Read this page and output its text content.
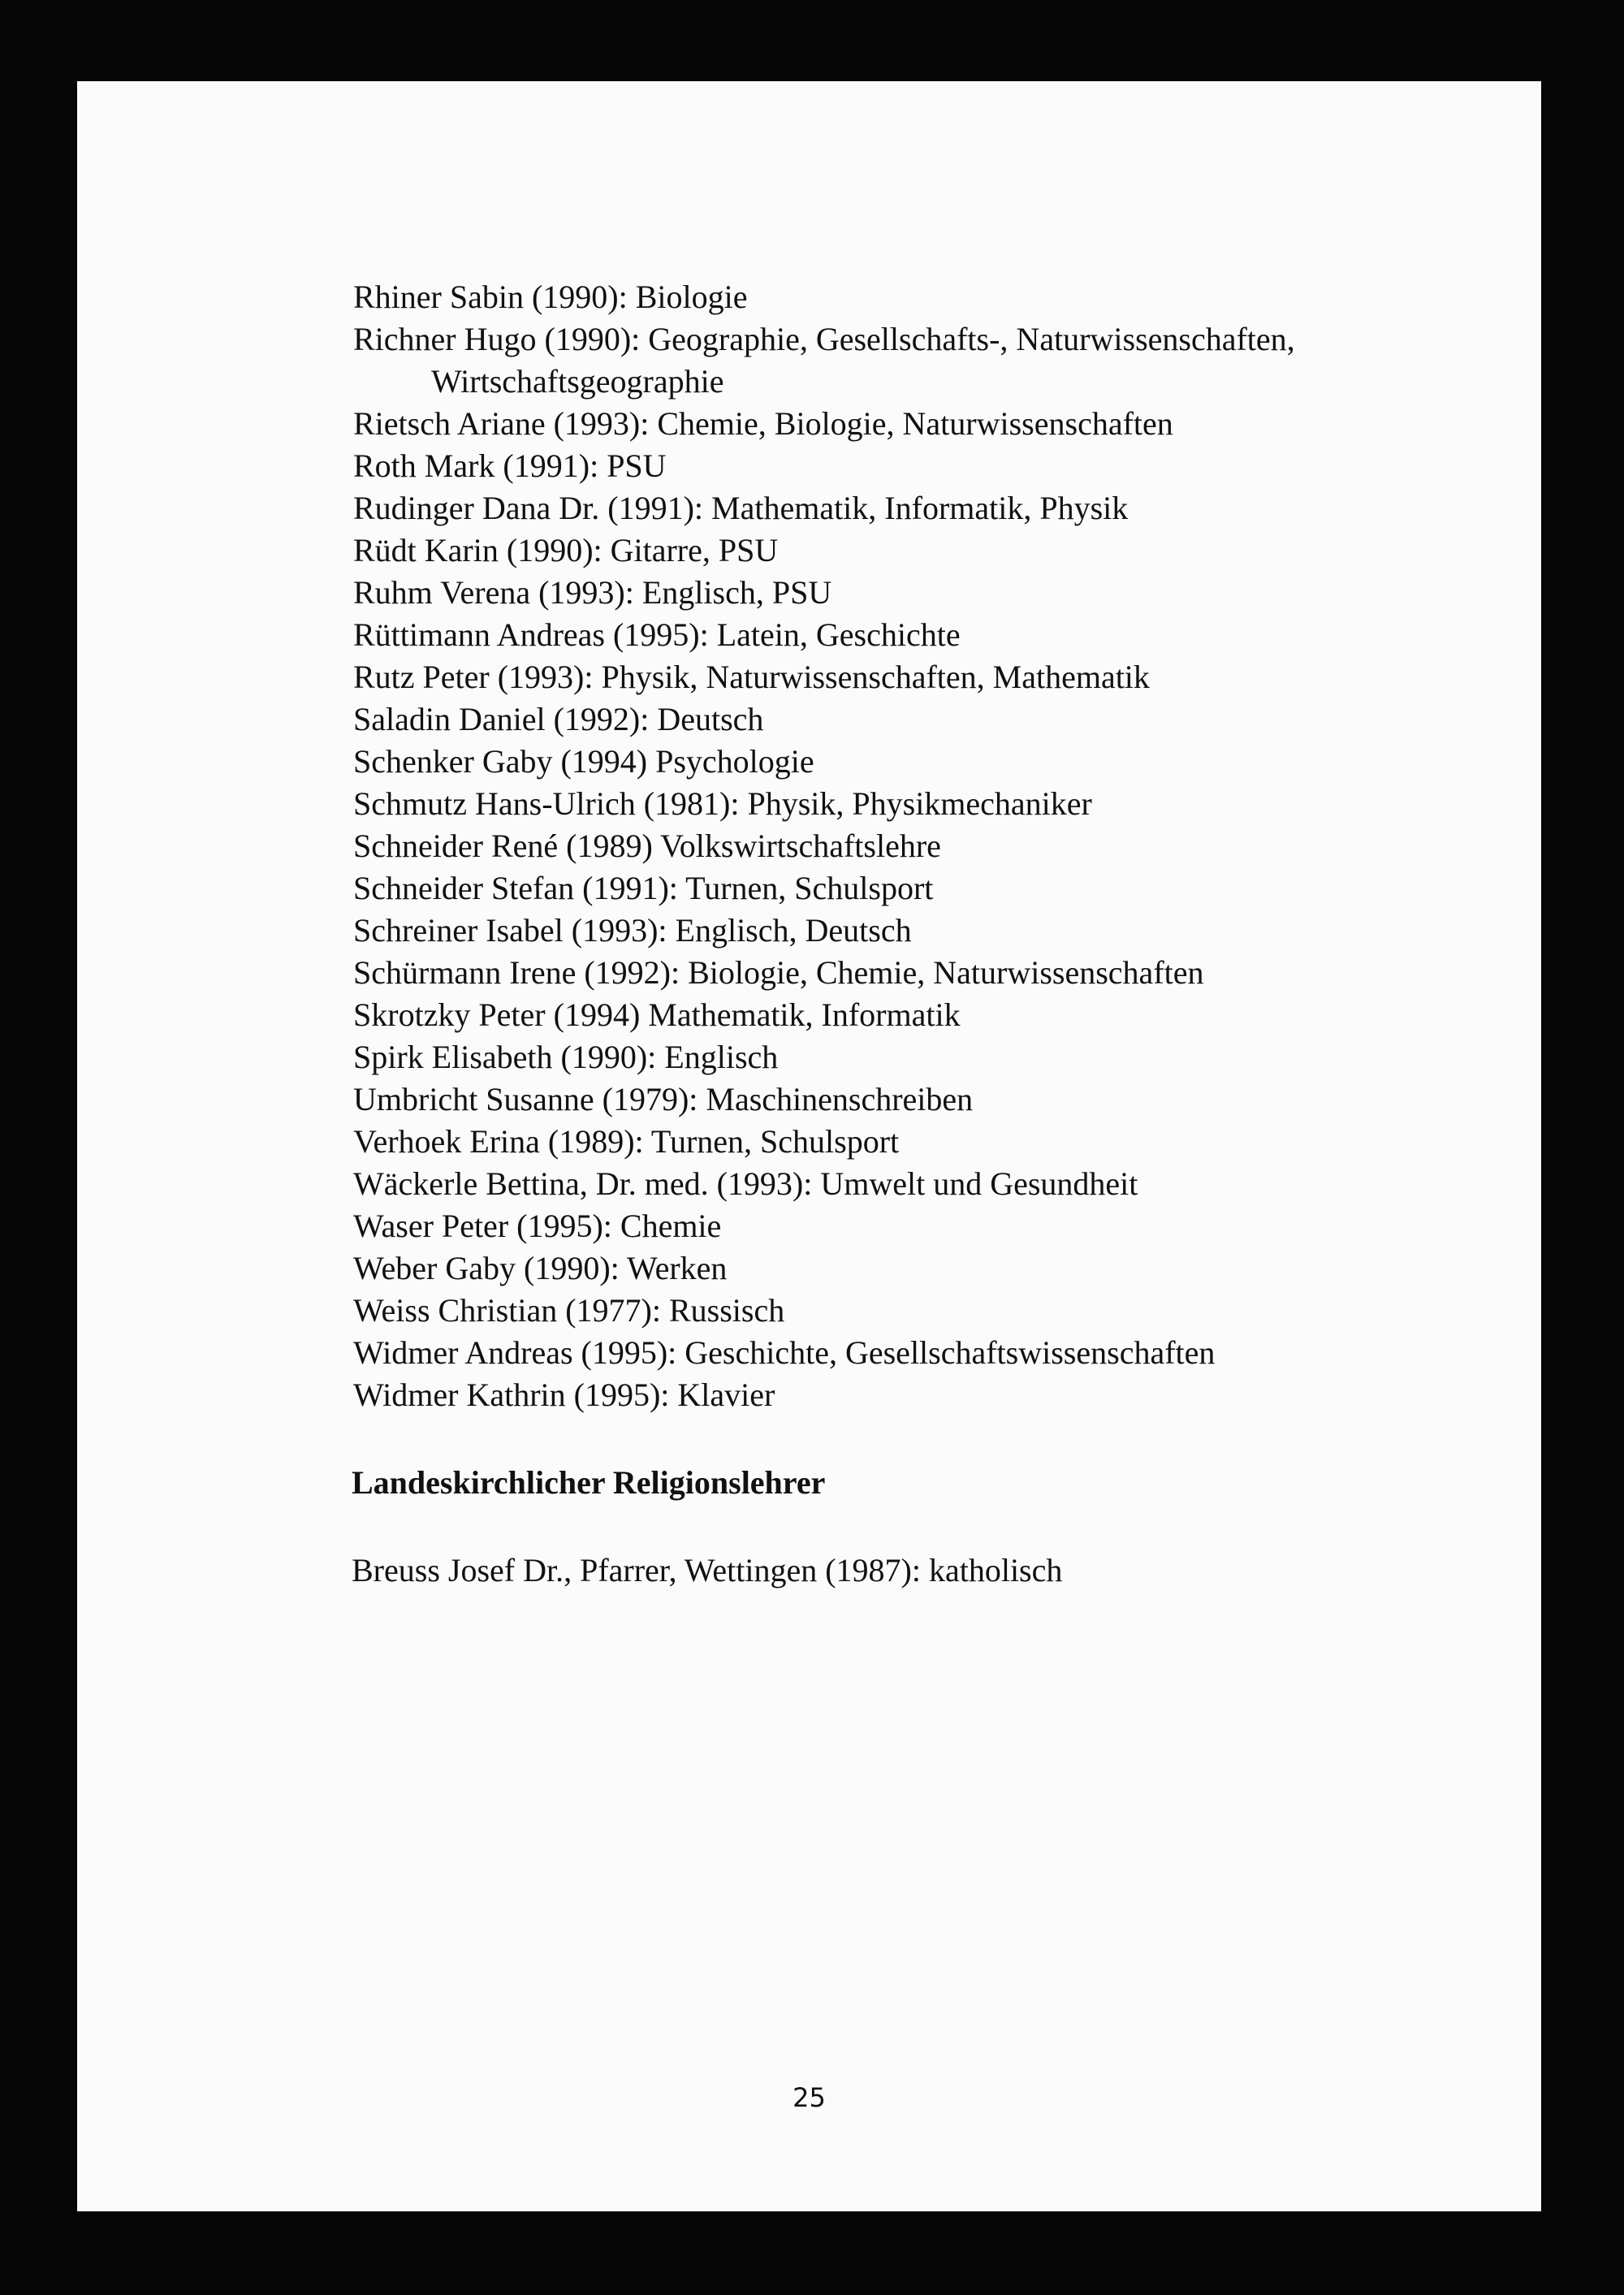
Rhiner Sabin (1990): Biologie

Richner Hugo (1990): Geographie, Gesellschafts-, Naturwissenschaften,
Wirtschaftsgeographie

Rietsch Ariane (1993): Chemie, Biologie, Naturwissenschaften

Roth Mark (1991): PSU

Rudinger Dana Dr. (1991): Mathematik, Informatik, Physik

Rüdt Karin (1990): Gitarre, PSU

Ruhm Verena (1993): Englisch, PSU

Rüttimann Andreas (1995): Latein, Geschichte

Rutz Peter (1993): Physik, Naturwissenschaften, Mathematik

Saladin Daniel (1992): Deutsch

Schenker Gaby (1994) Psychologie

Schmutz Hans-Ulrich (1981): Physik, Physikmechaniker

Schneider René (1989) Volkswirtschaftslehre

Schneider Stefan (1991): Turnen, Schulsport

Schreiner Isabel (1993): Englisch, Deutsch

Schürmann Irene (1992): Biologie, Chemie, Naturwissenschaften

Skrotzky Peter (1994) Mathematik, Informatik

Spirk Elisabeth (1990): Englisch

Umbricht Susanne (1979): Maschinenschreiben

Verhoek Erina (1989): Turnen, Schulsport

Wäckerle Bettina, Dr. med. (1993): Umwelt und Gesundheit

Waser Peter (1995): Chemie

Weber Gaby (1990): Werken

Weiss Christian (1977): Russisch

Widmer Andreas (1995): Geschichte, Gesellschaftswissenschaften

Widmer Kathrin (1995): Klavier

Landeskirchlicher Religionslehrer

Breuss Josef Dr., Pfarrer, Wettingen (1987): katholisch

25
